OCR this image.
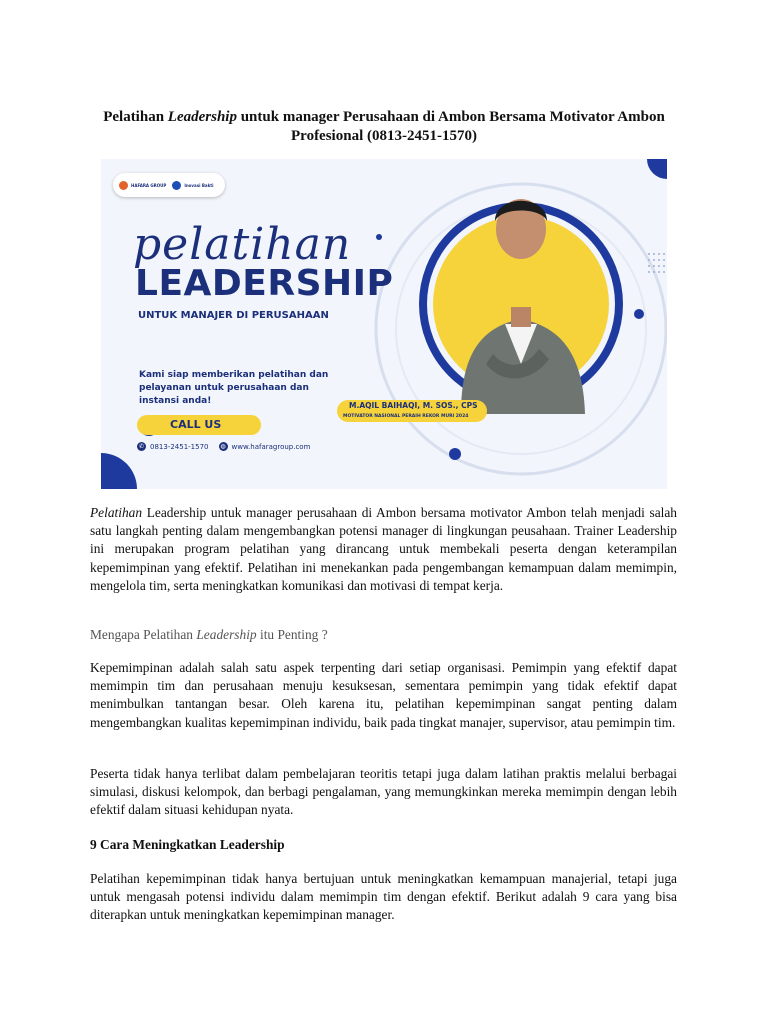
Pelatihan Leadership untuk manager Perusahaan di Ambon Bersama Motivator Ambon Profesional (0813-2451-1570)
HAFARA GROUP	Inovasi Bakti
pelatihan
LEADERSHIP
UNTUK MANAJER DI PERUSAHAAN
Kami siap memberikan pelatihan dan pelayanan untuk perusahaan dan instansi anda!
CALL US
✆ 0813-2451-1570	◍ www.hafaragroup.com
M.AQIL BAIHAQI, M. SOS., CPS
MOTIVATOR NASIONAL PERAIH REKOR MURI 2024

Pelatihan Leadership untuk manager perusahaan di Ambon bersama motivator Ambon telah menjadi salah satu langkah penting dalam mengembangkan potensi manager di lingkungan peusahaan. Trainer Leadership ini merupakan program pelatihan yang dirancang untuk membekali peserta dengan keterampilan kepemimpinan yang efektif. Pelatihan ini menekankan pada pengembangan kemampuan dalam memimpin, mengelola tim, serta meningkatkan komunikasi dan motivasi di tempat kerja.

Mengapa Pelatihan Leadership itu Penting ?

Kepemimpinan adalah salah satu aspek terpenting dari setiap organisasi. Pemimpin yang efektif dapat memimpin tim dan perusahaan menuju kesuksesan, sementara pemimpin yang tidak efektif dapat menimbulkan tantangan besar. Oleh karena itu, pelatihan kepemimpinan sangat penting dalam mengembangkan kualitas kepemimpinan individu, baik pada tingkat manajer, supervisor, atau pemimpin tim.

Peserta tidak hanya terlibat dalam pembelajaran teoritis tetapi juga dalam latihan praktis melalui berbagai simulasi, diskusi kelompok, dan berbagi pengalaman, yang memungkinkan mereka memimpin dengan lebih efektif dalam situasi kehidupan nyata.

9 Cara Meningkatkan Leadership

Pelatihan kepemimpinan tidak hanya bertujuan untuk meningkatkan kemampuan manajerial, tetapi juga untuk mengasah potensi individu dalam memimpin tim dengan efektif. Berikut adalah 9 cara yang bisa diterapkan untuk meningkatkan kepemimpinan manager.
